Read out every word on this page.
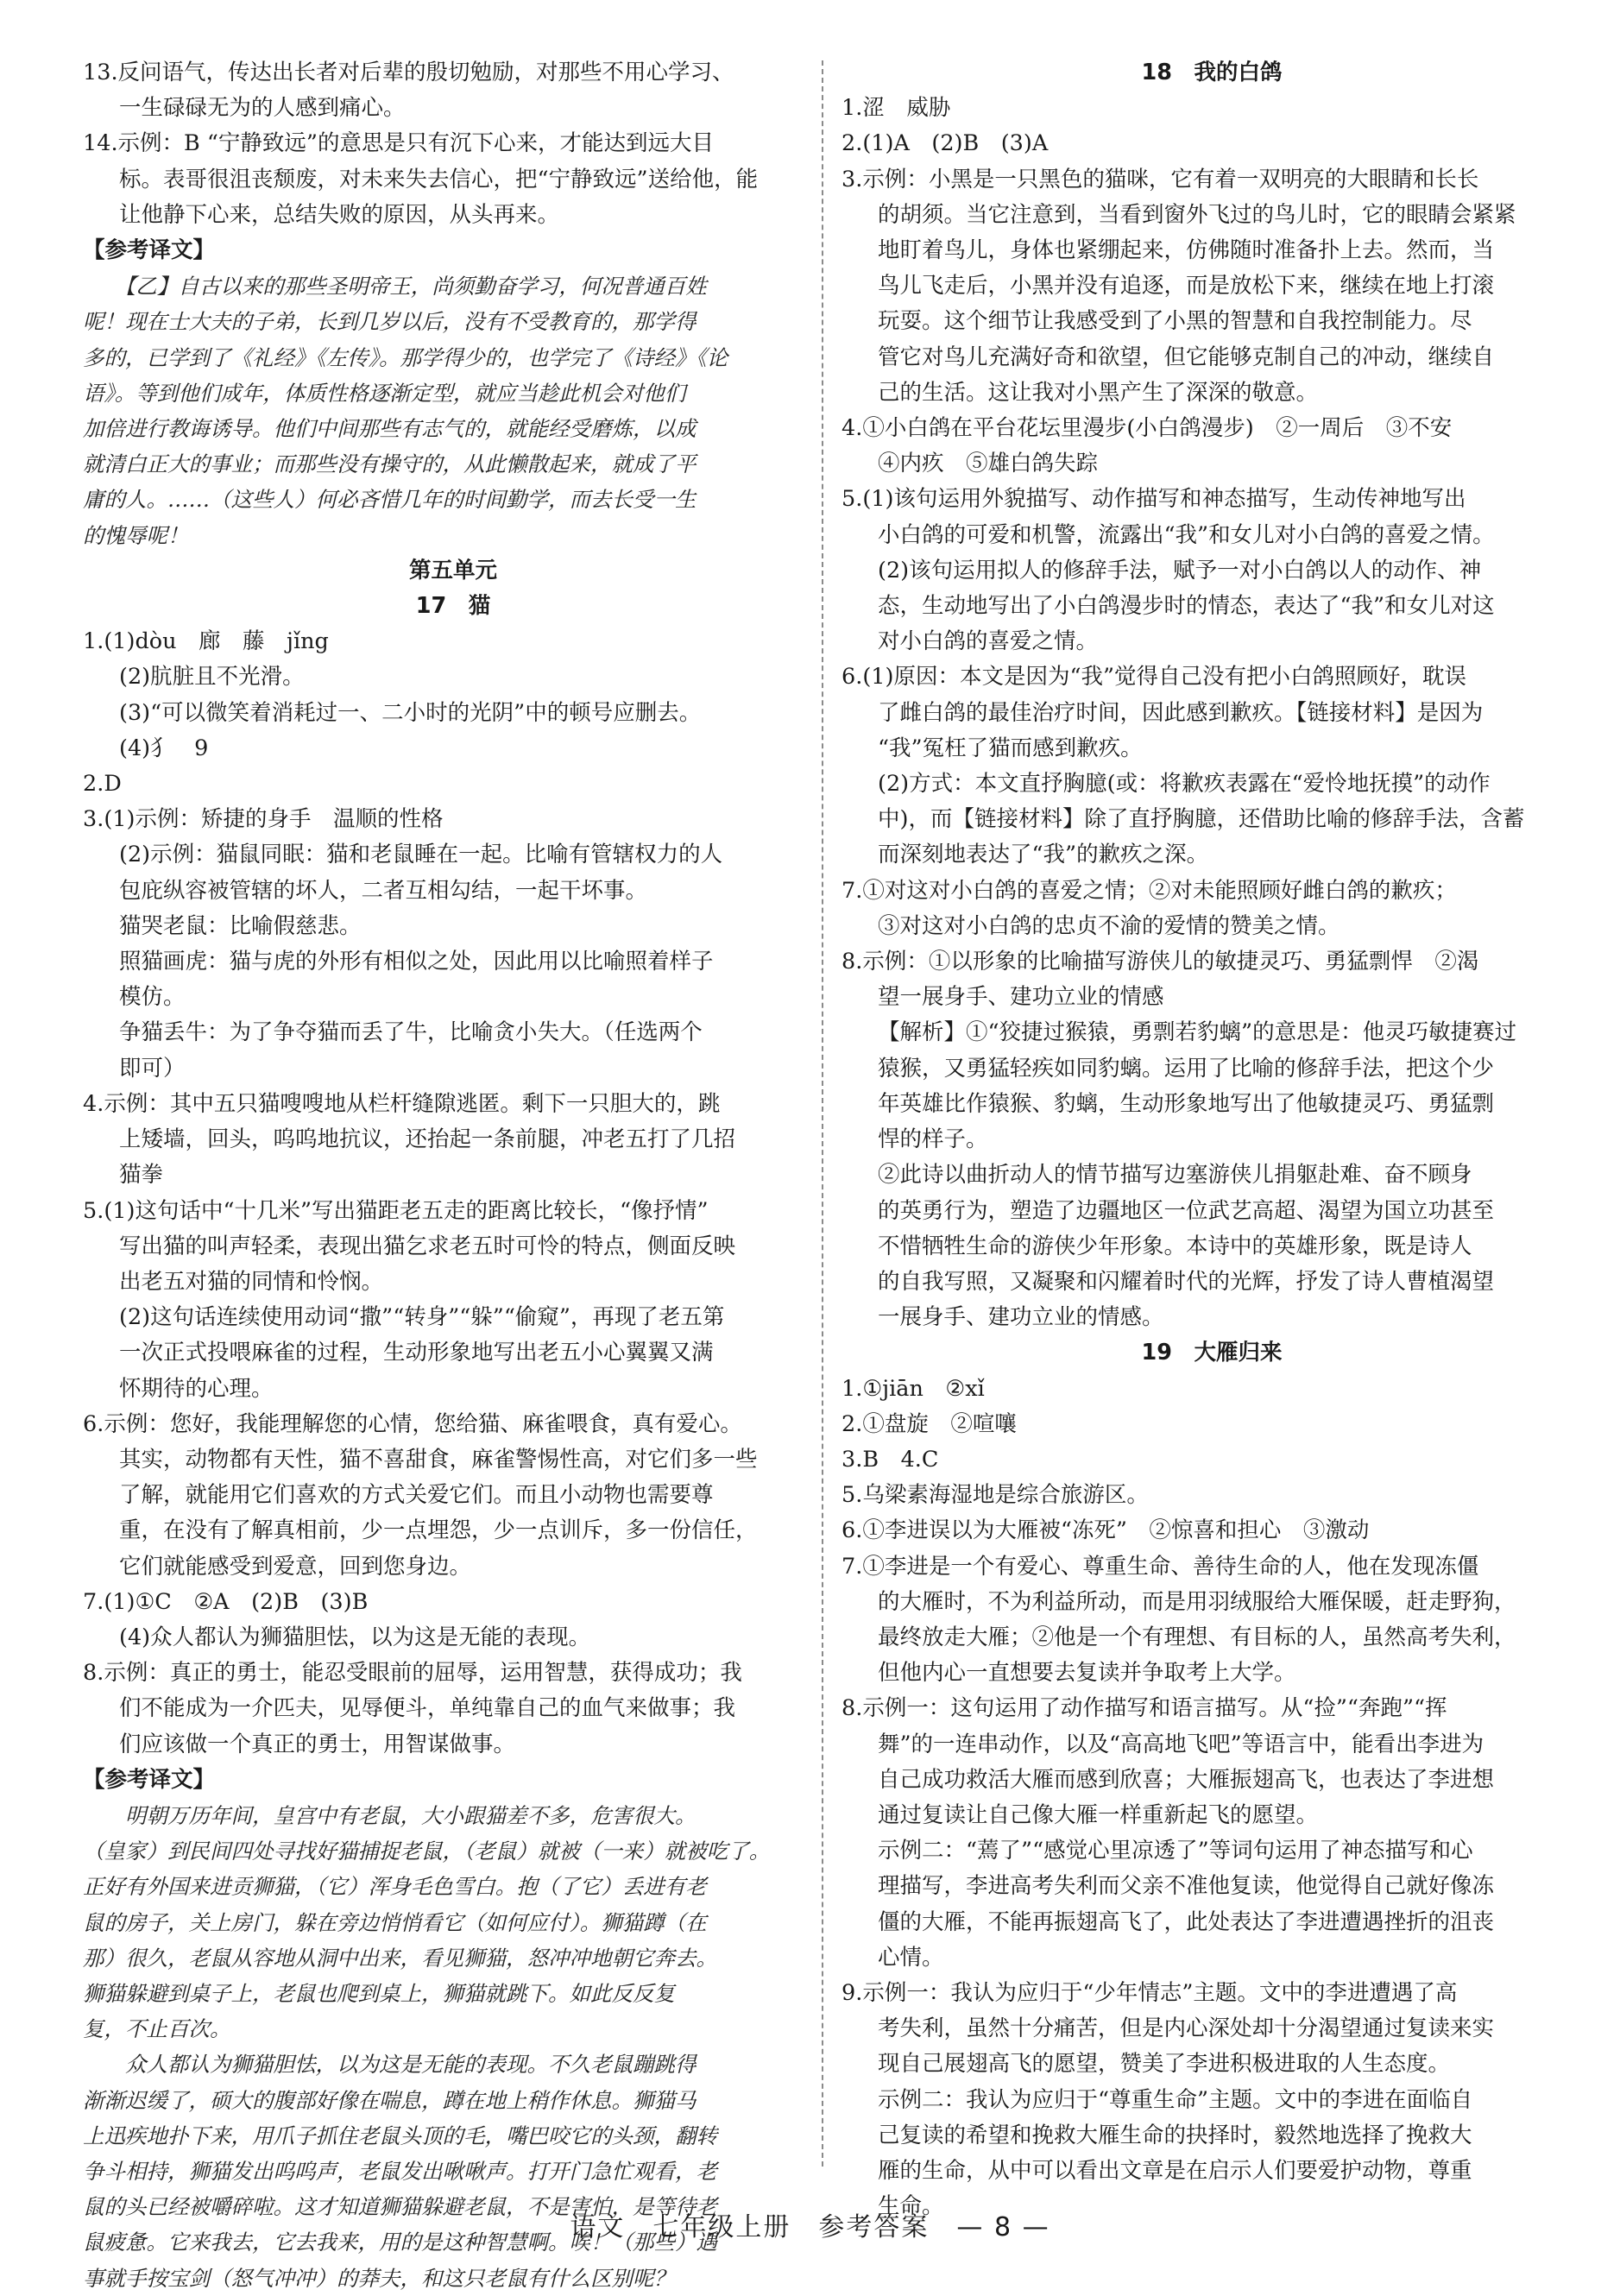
13.反问语气，传达出长者对后辈的殷切勉励，对那些不用心学习、
一生碌碌无为的人感到痛心。
14.示例：B “宁静致远”的意思是只有沉下心来，才能达到远大目
标。表哥很沮丧颓废，对未来失去信心，把“宁静致远”送给他，能
让他静下心来，总结失败的原因，从头再来。
【参考译文】
　　【乙】自古以来的那些圣明帝王，尚须勤奋学习，何况普通百姓
呢！现在士大夫的子弟，长到几岁以后，没有不受教育的，那学得
多的，已学到了《礼经》《左传》。那学得少的，也学完了《诗经》《论
语》。等到他们成年，体质性格逐渐定型，就应当趁此机会对他们
加倍进行教诲诱导。他们中间那些有志气的，就能经受磨炼，以成
就清白正大的事业；而那些没有操守的，从此懒散起来，就成了平
庸的人。……（这些人）何必吝惜几年的时间勤学，而去长受一生
的愧辱呢！
第五单元
17　猫
1.(1)dòu　廊　藤　jǐng
(2)肮脏且不光滑。
(3)“可以微笑着消耗过一、二小时的光阴”中的顿号应删去。
(4)犭　9
2.D
3.(1)示例：矫捷的身手　温顺的性格
(2)示例：猫鼠同眠：猫和老鼠睡在一起。比喻有管辖权力的人
包庇纵容被管辖的坏人，二者互相勾结，一起干坏事。
猫哭老鼠：比喻假慈悲。
照猫画虎：猫与虎的外形有相似之处，因此用以比喻照着样子
模仿。
争猫丢牛：为了争夺猫而丢了牛，比喻贪小失大。（任选两个
即可）
4.示例：其中五只猫嗖嗖地从栏杆缝隙逃匿。剩下一只胆大的，跳
上矮墙，回头，呜呜地抗议，还抬起一条前腿，冲老五打了几招
猫拳
5.(1)这句话中“十几米”写出猫距老五走的距离比较长，“像抒情”
写出猫的叫声轻柔，表现出猫乞求老五时可怜的特点，侧面反映
出老五对猫的同情和怜悯。
(2)这句话连续使用动词“撒”“转身”“躲”“偷窥”，再现了老五第
一次正式投喂麻雀的过程，生动形象地写出老五小心翼翼又满
怀期待的心理。
6.示例：您好，我能理解您的心情，您给猫、麻雀喂食，真有爱心。
其实，动物都有天性，猫不喜甜食，麻雀警惕性高，对它们多一些
了解，就能用它们喜欢的方式关爱它们。而且小动物也需要尊
重，在没有了解真相前，少一点埋怨，少一点训斥，多一份信任，
它们就能感受到爱意，回到您身边。
7.(1)①C　②A　(2)B　(3)B
(4)众人都认为狮猫胆怯，以为这是无能的表现。
8.示例：真正的勇士，能忍受眼前的屈辱，运用智慧，获得成功；我
们不能成为一介匹夫，见辱便斗，单纯靠自己的血气来做事；我
们应该做一个真正的勇士，用智谋做事。
【参考译文】
　　明朝万历年间，皇宫中有老鼠，大小跟猫差不多，危害很大。
（皇家）到民间四处寻找好猫捕捉老鼠，（老鼠）就被（一来）就被吃了。
正好有外国来进贡狮猫，（它）浑身毛色雪白。抱（了它）丢进有老
鼠的房子，关上房门，躲在旁边悄悄看它（如何应付）。狮猫蹲（在
那）很久，老鼠从容地从洞中出来，看见狮猫，怒冲冲地朝它奔去。
狮猫躲避到桌子上，老鼠也爬到桌上，狮猫就跳下。如此反反复
复，不止百次。
　　众人都认为狮猫胆怯，以为这是无能的表现。不久老鼠蹦跳得
渐渐迟缓了，硕大的腹部好像在喘息，蹲在地上稍作休息。狮猫马
上迅疾地扑下来，用爪子抓住老鼠头顶的毛，嘴巴咬它的头颈，翻转
争斗相持，狮猫发出呜呜声，老鼠发出啾啾声。打开门急忙观看，老
鼠的头已经被嚼碎啦。这才知道狮猫躲避老鼠，不是害怕，是等待老
鼠疲惫。它来我去，它去我来，用的是这种智慧啊。唉！（那些）遇
事就手按宝剑（怒气冲冲）的莽夫，和这只老鼠有什么区别呢？
18　我的白鸽
1.涩　威胁
2.(1)A　(2)B　(3)A
3.示例：小黑是一只黑色的猫咪，它有着一双明亮的大眼睛和长长
的胡须。当它注意到，当看到窗外飞过的鸟儿时，它的眼睛会紧紧
地盯着鸟儿，身体也紧绷起来，仿佛随时准备扑上去。然而，当
鸟儿飞走后，小黑并没有追逐，而是放松下来，继续在地上打滚
玩耍。这个细节让我感受到了小黑的智慧和自我控制能力。尽
管它对鸟儿充满好奇和欲望，但它能够克制自己的冲动，继续自
己的生活。这让我对小黑产生了深深的敬意。
4.①小白鸽在平台花坛里漫步(小白鸽漫步)　②一周后　③不安
④内疚　⑤雄白鸽失踪
5.(1)该句运用外貌描写、动作描写和神态描写，生动传神地写出
小白鸽的可爱和机警，流露出“我”和女儿对小白鸽的喜爱之情。
(2)该句运用拟人的修辞手法，赋予一对小白鸽以人的动作、神
态，生动地写出了小白鸽漫步时的情态，表达了“我”和女儿对这
对小白鸽的喜爱之情。
6.(1)原因：本文是因为“我”觉得自己没有把小白鸽照顾好，耽误
了雌白鸽的最佳治疗时间，因此感到歉疚。【链接材料】是因为
“我”冤枉了猫而感到歉疚。
(2)方式：本文直抒胸臆(或：将歉疚表露在“爱怜地抚摸”的动作
中)，而【链接材料】除了直抒胸臆，还借助比喻的修辞手法，含蓄
而深刻地表达了“我”的歉疚之深。
7.①对这对小白鸽的喜爱之情；②对未能照顾好雌白鸽的歉疚；
③对这对小白鸽的忠贞不渝的爱情的赞美之情。
8.示例：①以形象的比喻描写游侠儿的敏捷灵巧、勇猛剽悍　②渴
望一展身手、建功立业的情感
【解析】①“狡捷过猴猿，勇剽若豹螭”的意思是：他灵巧敏捷赛过
猿猴，又勇猛轻疾如同豹螭。运用了比喻的修辞手法，把这个少
年英雄比作猿猴、豹螭，生动形象地写出了他敏捷灵巧、勇猛剽
悍的样子。
②此诗以曲折动人的情节描写边塞游侠儿捐躯赴难、奋不顾身
的英勇行为，塑造了边疆地区一位武艺高超、渴望为国立功甚至
不惜牺牲生命的游侠少年形象。本诗中的英雄形象，既是诗人
的自我写照，又凝聚和闪耀着时代的光辉，抒发了诗人曹植渴望
一展身手、建功立业的情感。
19　大雁归来
1.①jiān　②xǐ
2.①盘旋　②喧嚷
3.B　4.C
5.乌梁素海湿地是综合旅游区。
6.①李进误以为大雁被“冻死”　②惊喜和担心　③激动
7.①李进是一个有爱心、尊重生命、善待生命的人，他在发现冻僵
的大雁时，不为利益所动，而是用羽绒服给大雁保暖，赶走野狗，
最终放走大雁；②他是一个有理想、有目标的人，虽然高考失利，
但他内心一直想要去复读并争取考上大学。
8.示例一：这句运用了动作描写和语言描写。从“捡”“奔跑”“挥
舞”的一连串动作，以及“高高地飞吧”等语言中，能看出李进为
自己成功救活大雁而感到欣喜；大雁振翅高飞，也表达了李进想
通过复读让自己像大雁一样重新起飞的愿望。
示例二：“蔫了”“感觉心里凉透了”等词句运用了神态描写和心
理描写，李进高考失利而父亲不准他复读，他觉得自己就好像冻
僵的大雁，不能再振翅高飞了，此处表达了李进遭遇挫折的沮丧
心情。
9.示例一：我认为应归于“少年情志”主题。文中的李进遭遇了高
考失利，虽然十分痛苦，但是内心深处却十分渴望通过复读来实
现自己展翅高飞的愿望，赞美了李进积极进取的人生态度。
示例二：我认为应归于“尊重生命”主题。文中的李进在面临自
己复读的希望和挽救大雁生命的抉择时，毅然地选择了挽救大
雁的生命，从中可以看出文章是在启示人们要爱护动物，尊重
生命。
语文　七年级上册　参考答案　— 8 —
